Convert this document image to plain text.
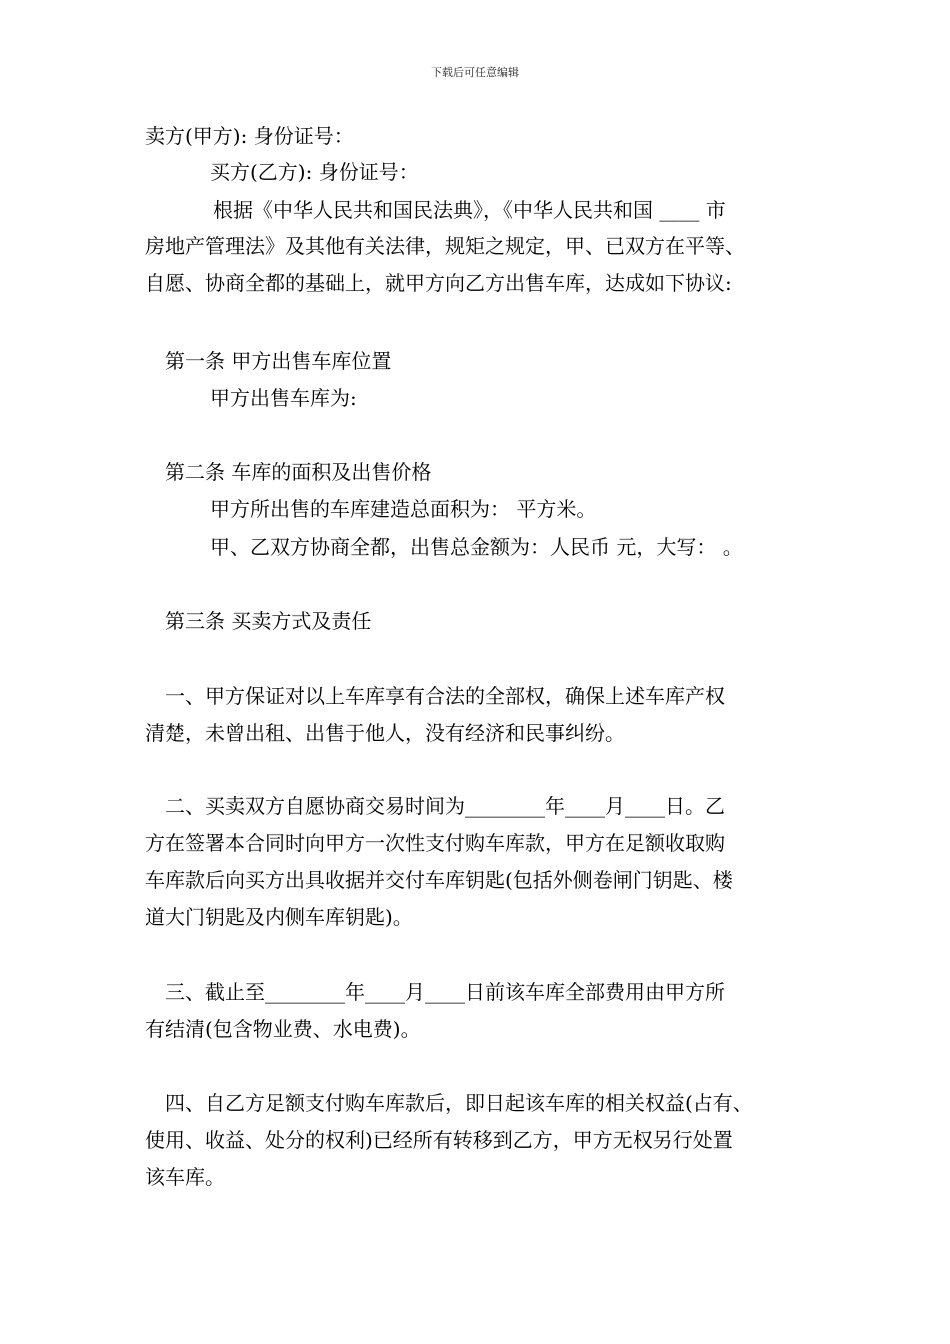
下载后可任意编辑
卖方(甲方): 身份证号：
买方(乙方): 身份证号：
根据《中华人民共和国民法典》，《中华人民共和国 ____ 市
房地产管理法》及其他有关法律，规矩之规定，甲、已双方在平等、
自愿、协商全都的基础上，就甲方向乙方出售车库，达成如下协议:
第一条 甲方出售车库位置
甲方出售车库为:
第二条 车库的面积及出售价格
甲方所出售的车库建造总面积为： 平方米。
甲、乙双方协商全都，出售总金额为：人民币 元，大写： 。
第三条 买卖方式及责任
一、甲方保证对以上车库享有合法的全部权，确保上述车库产权
清楚，未曾出租、出售于他人，没有经济和民事纠纷。
二、买卖双方自愿协商交易时间为________年____月____日。乙
方在签署本合同时向甲方一次性支付购车库款，甲方在足额收取购
车库款后向买方出具收据并交付车库钥匙(包括外侧卷闸门钥匙、楼
道大门钥匙及内侧车库钥匙)。
三、截止至________年____月____日前该车库全部费用由甲方所
有结清(包含物业费、水电费)。
四、自乙方足额支付购车库款后，即日起该车库的相关权益(占有、
使用、收益、处分的权利)已经所有转移到乙方，甲方无权另行处置
该车库。
